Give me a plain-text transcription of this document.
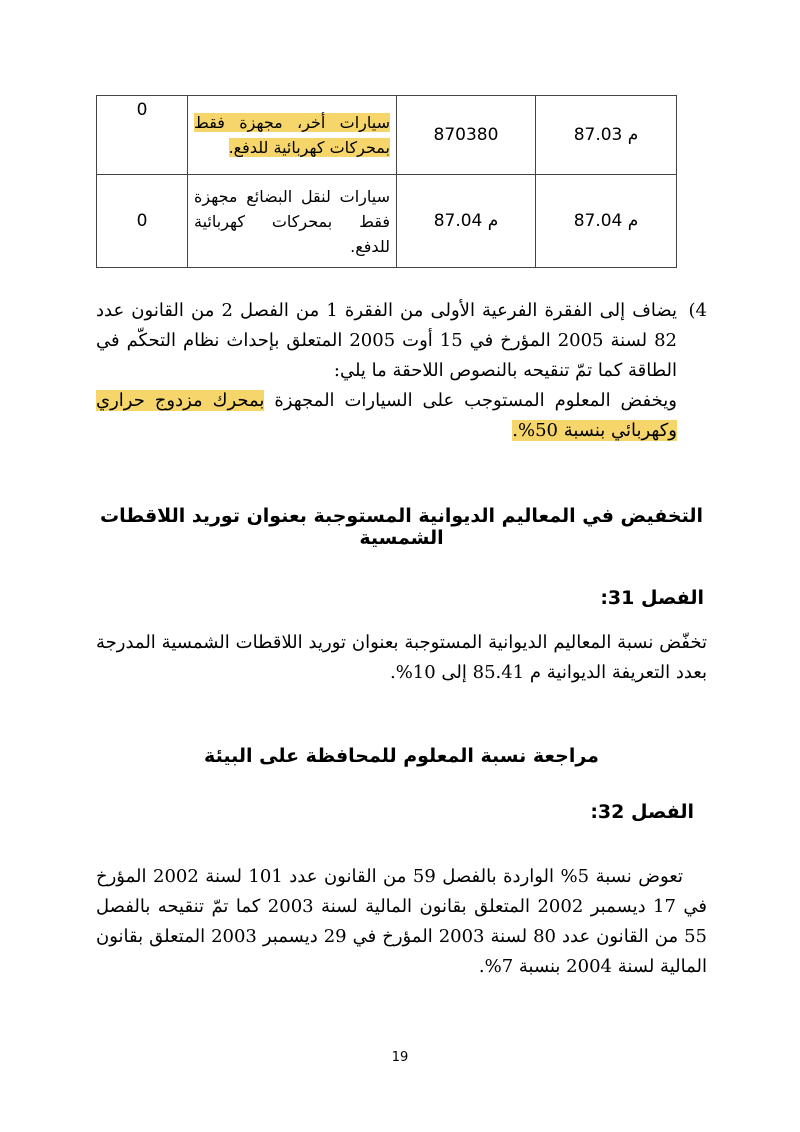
م 87.03	870380	سيارات أخر، مجهزة فقط بمحركات كهربائية للدفع.	0
م 87.04	م 87.04	سيارات لنقل البضائع مجهزة فقط بمحركات كهربائية للدفع.	0
4)
يضاف إلى الفقرة الفرعية الأولى من الفقرة 1 من الفصل 2 من القانون عدد 82 لسنة 2005 المؤرخ في 15 أوت 2005 المتعلق بإحداث نظام التحكّم في الطاقة كما تمّ تنقيحه بالنصوص اللاحقة ما يلي:
ويخفض المعلوم المستوجب على السيارات المجهزة بمحرك مزدوج حراري وكهربائي بنسبة 50%.
التخفيض في المعاليم الديوانية المستوجبة بعنوان توريد اللاقطات الشمسية
الفصل 31:
تخفّض نسبة المعاليم الديوانية المستوجبة بعنوان توريد اللاقطات الشمسية المدرجة بعدد التعريفة الديوانية م 85.41 إلى 10%.
مراجعة نسبة المعلوم للمحافظة على البيئة
الفصل 32:
تعوض نسبة 5% الواردة بالفصل 59 من القانون عدد 101 لسنة 2002 المؤرخ في 17 ديسمبر 2002 المتعلق بقانون المالية لسنة 2003 كما تمّ تنقيحه بالفصل 55 من القانون عدد 80 لسنة 2003 المؤرخ في 29 ديسمبر 2003 المتعلق بقانون المالية لسنة 2004 بنسبة 7%.
19
